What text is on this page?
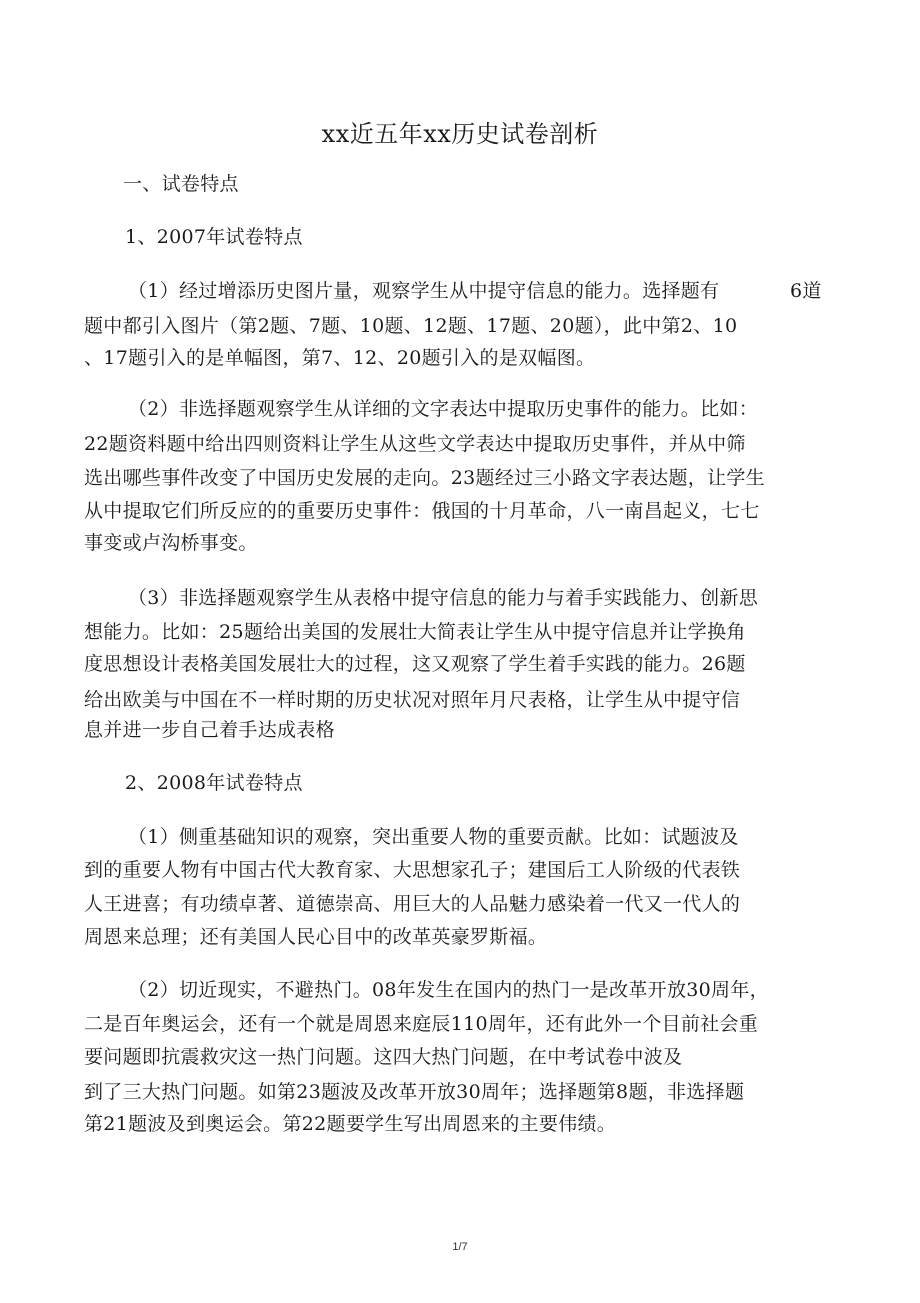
xx近五年xx历史试卷剖析
一、试卷特点
1、2007年试卷特点
（1）经过增添历史图片量，观察学生从中提守信息的能力。选择题有	6道
题中都引入图片（第2题、7题、10题、12题、17题、20题），此中第2、10
、17题引入的是单幅图，第7、12、20题引入的是双幅图。
（2）非选择题观察学生从详细的文字表达中提取历史事件的能力。比如：
22题资料题中给出四则资料让学生从这些文学表达中提取历史事件，并从中筛
选出哪些事件改变了中国历史发展的走向。23题经过三小路文字表达题，让学生
从中提取它们所反应的的重要历史事件：俄国的十月革命，八一南昌起义，七七
事变或卢沟桥事变。
（3）非选择题观察学生从表格中提守信息的能力与着手实践能力、创新思
想能力。比如：25题给出美国的发展壮大简表让学生从中提守信息并让学换角
度思想设计表格美国发展壮大的过程，这又观察了学生着手实践的能力。26题
给出欧美与中国在不一样时期的历史状况对照年月尺表格，让学生从中提守信
息并进一步自己着手达成表格
2、2008年试卷特点
（1）侧重基础知识的观察，突出重要人物的重要贡献。比如：试题波及
到的重要人物有中国古代大教育家、大思想家孔子；建国后工人阶级的代表铁
人王进喜；有功绩卓著、道德崇高、用巨大的人品魅力感染着一代又一代人的
周恩来总理；还有美国人民心目中的改革英豪罗斯福。
（2）切近现实，不避热门。08年发生在国内的热门一是改革开放30周年，
二是百年奥运会，还有一个就是周恩来庭辰110周年，还有此外一个目前社会重
要问题即抗震救灾这一热门问题。这四大热门问题，在中考试卷中波及
到了三大热门问题。如第23题波及改革开放30周年；选择题第8题，非选择题
第21题波及到奥运会。第22题要学生写出周恩来的主要伟绩。
1/7
